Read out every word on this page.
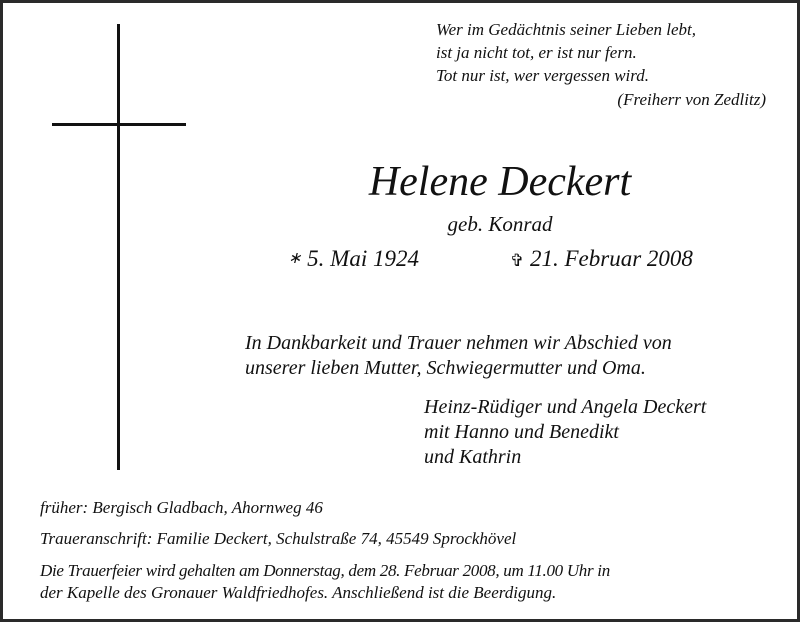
Wer im Gedächtnis seiner Lieben lebt,
ist ja nicht tot, er ist nur fern.
Tot nur ist, wer vergessen wird.
(Freiherr von Zedlitz)
Helene Deckert
geb. Konrad
∗ 5. Mai 1924	✞ 21. Februar 2008
In Dankbarkeit und Trauer nehmen wir Abschied von
unserer lieben Mutter, Schwiegermutter und Oma.
Heinz-Rüdiger und Angela Deckert
mit Hanno und Benedikt
und Kathrin
früher: Bergisch Gladbach, Ahornweg 46
Traueranschrift: Familie Deckert, Schulstraße 74, 45549 Sprockhövel
Die Trauerfeier wird gehalten am Donnerstag, dem 28. Februar 2008, um 11.00 Uhr in
der Kapelle des Gronauer Waldfriedhofes. Anschließend ist die Beerdigung.
